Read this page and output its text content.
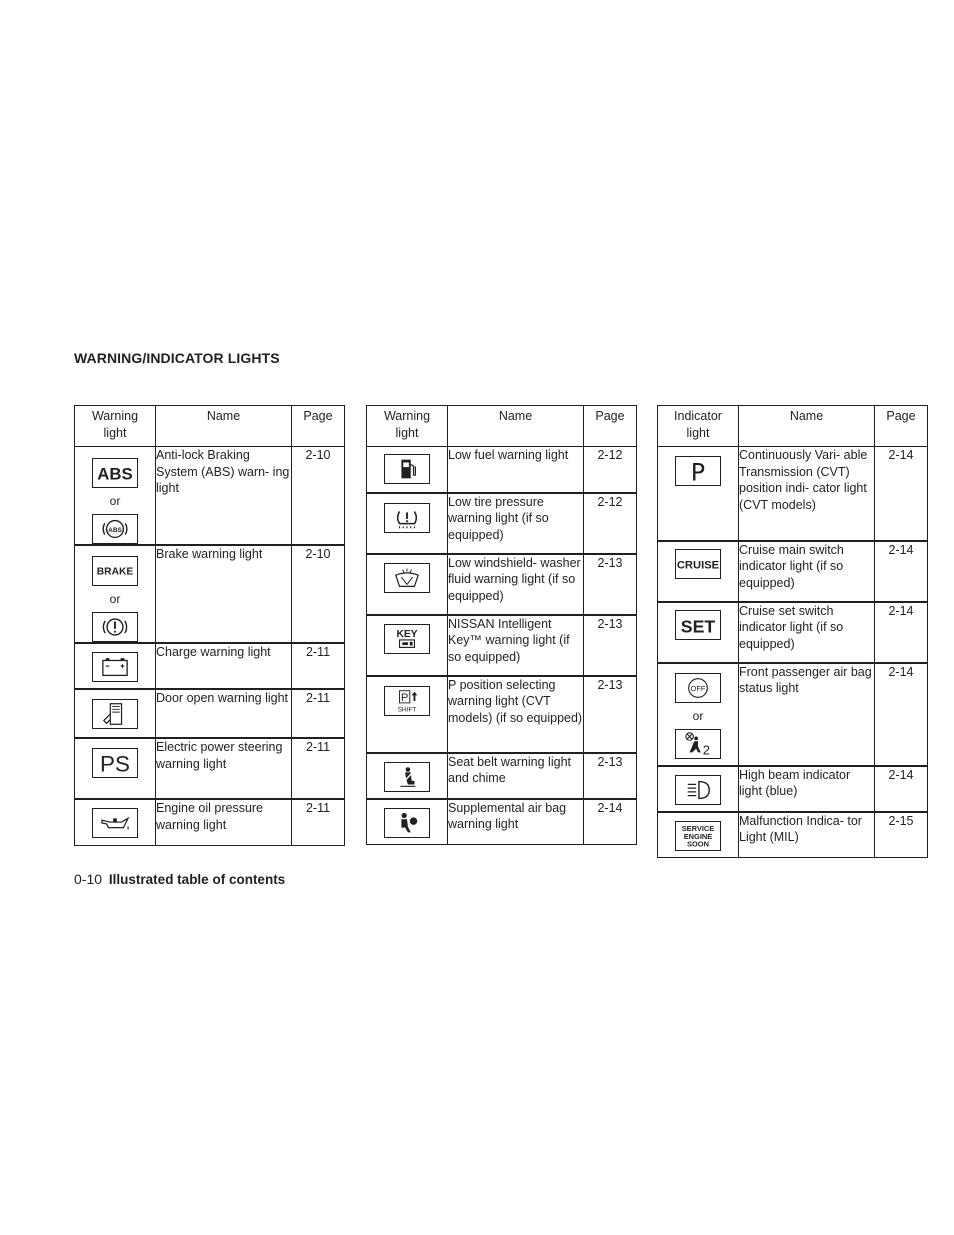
WARNING/INDICATOR LIGHTS
Warning light	Name	Page

ABS
or
ABS	Anti-lock Braking System (ABS) warn- ing light	2-10

BRAKE
or	Brake warning light	2-10

	Charge warning light	2-11

	Door open warning light	2-11

PS	Electric power steering warning light	2-11

	Engine oil pressure warning light	2-11
Warning light	Name	Page

	Low fuel warning light	2-12

	Low tire pressure warning light (if so equipped)	2-12

	Low windshield- washer fluid warning light (if so equipped)	2-13

KEY	NISSAN Intelligent Key™ warning light (if so equipped)	2-13

P
SHIFT	P position selecting warning light (CVT models) (if so equipped)	2-13

	Seat belt warning light and chime	2-13

	Supplemental air bag warning light	2-14
Indicator light	Name	Page

P	Continuously Vari- able Transmission (CVT) position indi- cator light (CVT models)	2-14

CRUISE	Cruise main switch indicator light (if so equipped)	2-14

SET	Cruise set switch indicator light (if so equipped)	2-14

OFF
or
2	Front passenger air bag status light	2-14

	High beam indicator light (blue)	2-14

SERVICE
ENGINE
SOON	Malfunction Indica- tor Light (MIL)	2-15
0-10 Illustrated table of contents
